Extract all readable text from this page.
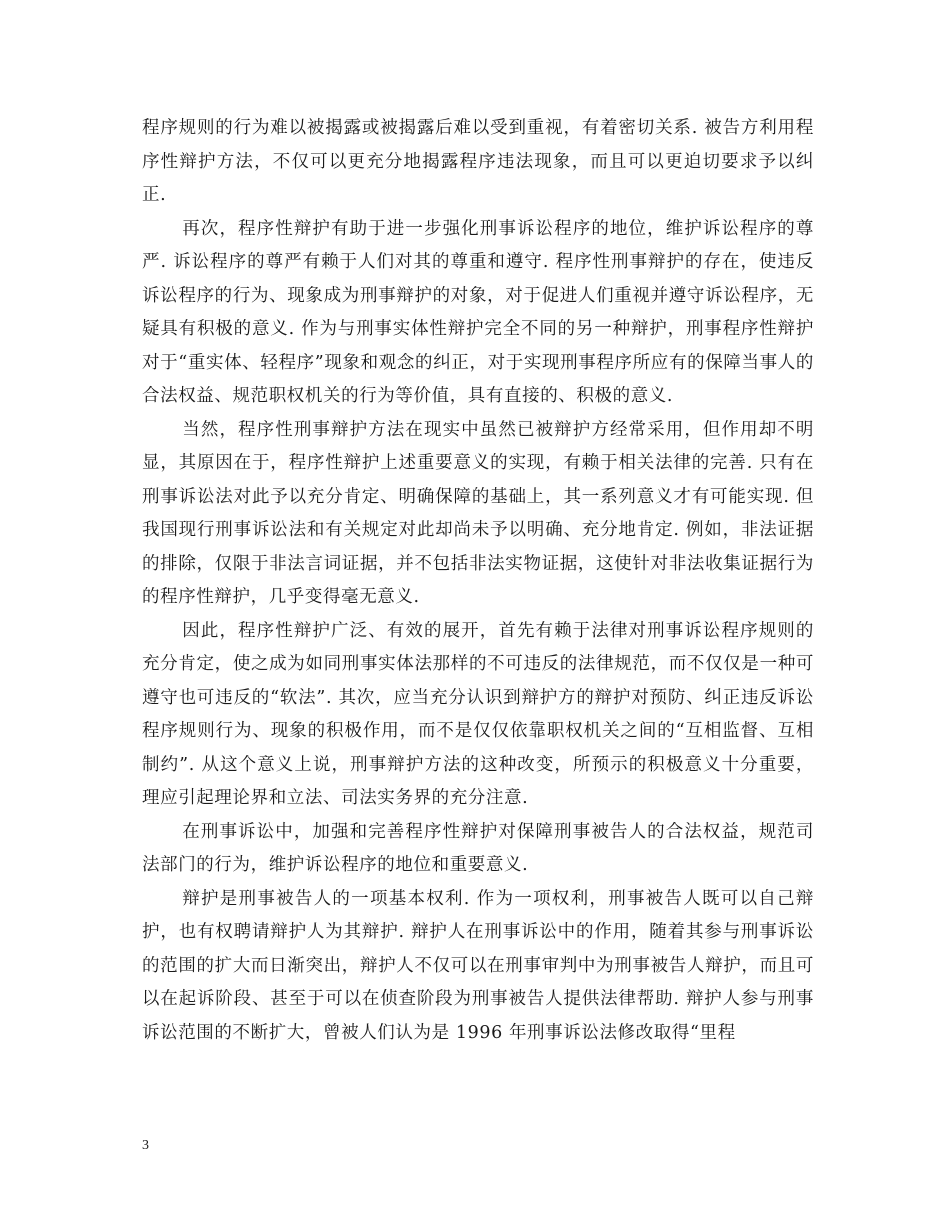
程序规则的行为难以被揭露或被揭露后难以受到重视，有着密切关系. 被告方利用程序性辩护方法，不仅可以更充分地揭露程序违法现象，而且可以更迫切要求予以纠正.

再次，程序性辩护有助于进一步强化刑事诉讼程序的地位，维护诉讼程序的尊严. 诉讼程序的尊严有赖于人们对其的尊重和遵守. 程序性刑事辩护的存在，使违反诉讼程序的行为、现象成为刑事辩护的对象，对于促进人们重视并遵守诉讼程序，无疑具有积极的意义. 作为与刑事实体性辩护完全不同的另一种辩护，刑事程序性辩护对于“重实体、轻程序”现象和观念的纠正，对于实现刑事程序所应有的保障当事人的合法权益、规范职权机关的行为等价值，具有直接的、积极的意义.

当然，程序性刑事辩护方法在现实中虽然已被辩护方经常采用，但作用却不明显，其原因在于，程序性辩护上述重要意义的实现，有赖于相关法律的完善. 只有在刑事诉讼法对此予以充分肯定、明确保障的基础上，其一系列意义才有可能实现. 但我国现行刑事诉讼法和有关规定对此却尚未予以明确、充分地肯定. 例如，非法证据的排除，仅限于非法言词证据，并不包括非法实物证据，这使针对非法收集证据行为的程序性辩护，几乎变得毫无意义.

因此，程序性辩护广泛、有效的展开，首先有赖于法律对刑事诉讼程序规则的充分肯定，使之成为如同刑事实体法那样的不可违反的法律规范，而不仅仅是一种可遵守也可违反的“软法”. 其次，应当充分认识到辩护方的辩护对预防、纠正违反诉讼程序规则行为、现象的积极作用，而不是仅仅依靠职权机关之间的“互相监督、互相制约”. 从这个意义上说，刑事辩护方法的这种改变，所预示的积极意义十分重要，理应引起理论界和立法、司法实务界的充分注意.

在刑事诉讼中，加强和完善程序性辩护对保障刑事被告人的合法权益，规范司法部门的行为，维护诉讼程序的地位和重要意义.

辩护是刑事被告人的一项基本权利. 作为一项权利，刑事被告人既可以自己辩护，也有权聘请辩护人为其辩护. 辩护人在刑事诉讼中的作用，随着其参与刑事诉讼的范围的扩大而日渐突出，辩护人不仅可以在刑事审判中为刑事被告人辩护，而且可以在起诉阶段、甚至于可以在侦查阶段为刑事被告人提供法律帮助. 辩护人参与刑事诉讼范围的不断扩大，曾被人们认为是 1996 年刑事诉讼法修改取得“里程

3
